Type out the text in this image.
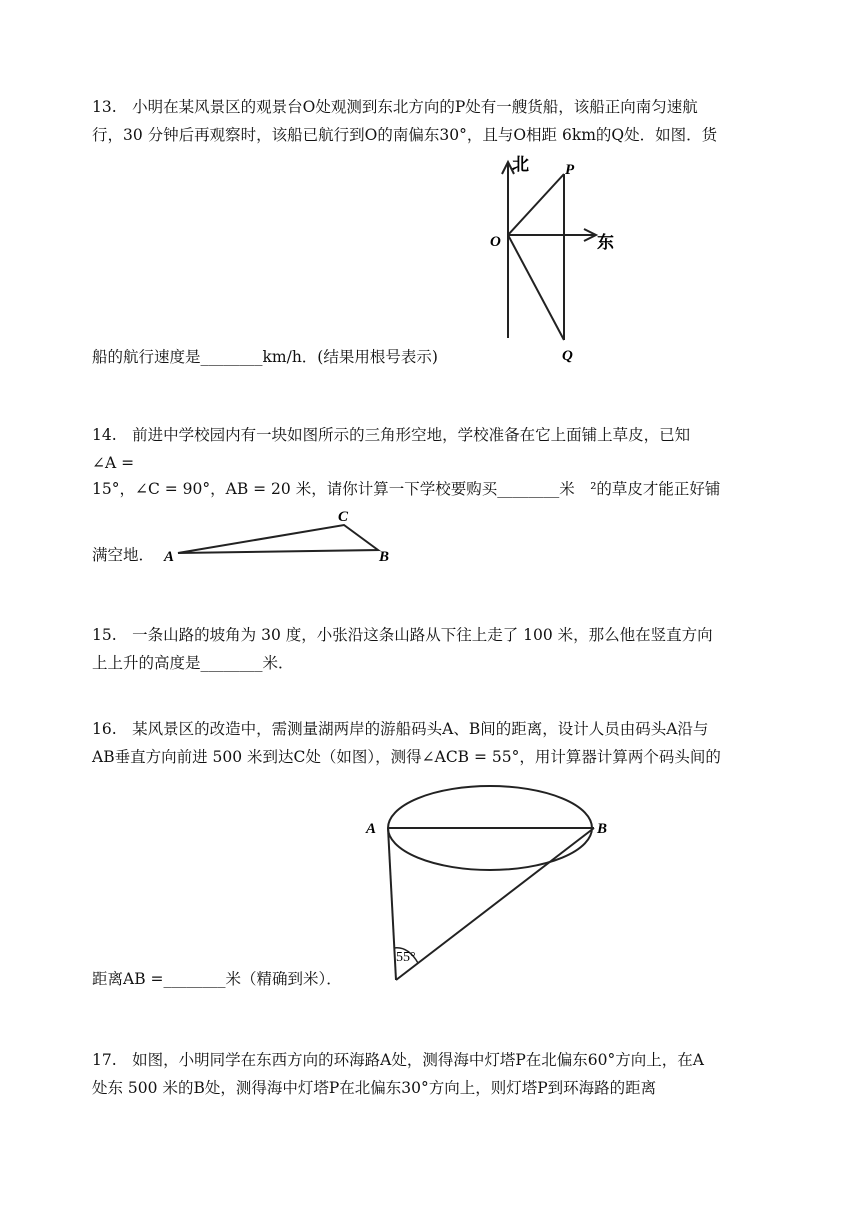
13.　小明在某风景区的观景台O处观测到东北方向的P处有一艘货船，该船正向南匀速航
行，30 分钟后再观察时，该船已航行到O的南偏东30°，且与O相距 6km的Q处．如图．货
北 P
O	东
Q
船的航行速度是________km/h．(结果用根号表示)
14.　前进中学校园内有一块如图所示的三角形空地，学校准备在它上面铺上草皮，已知
∠A =
15°，∠C = 90°，AB = 20 米，请你计算一下学校要购买________米　²的草皮才能正好铺
A
C
B
满空地．
15.　一条山路的坡角为 30 度，小张沿这条山路从下往上走了 100 米，那么他在竖直方向
上上升的高度是________米．
16.　某风景区的改造中，需测量湖两岸的游船码头A、B间的距离，设计人员由码头A沿与
AB垂直方向前进 500 米到达C处（如图），测得∠ACB = 55°，用计算器计算两个码头间的
A	B
55°
距离AB =________米（精确到米）．
17.　如图，小明同学在东西方向的环海路A处，测得海中灯塔P在北偏东60°方向上，在A
处东 500 米的B处，测得海中灯塔P在北偏东30°方向上，则灯塔P到环海路的距离
